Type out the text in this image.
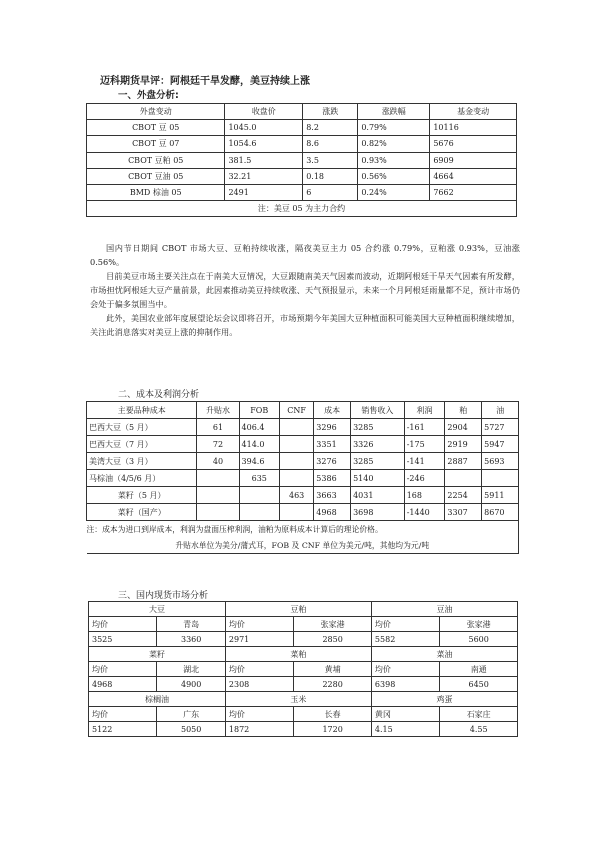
迈科期货早评：阿根廷干旱发酵，美豆持续上涨
一、外盘分析:
外盘变动	收盘价	涨跌	涨跌幅	基金变动
CBOT 豆 05	1045.0	8.2	0.79%	10116
CBOT 豆 07	1054.6	8.6	0.82%	5676
CBOT 豆粕 05	381.5	3.5	0.93%	6909
CBOT 豆油 05	32.21	0.18	0.56%	4664
BMD 棕油 05	2491	6	0.24%	7662
注：美豆 05 为主力合约				

国内节日期间 CBOT 市场大豆、豆粕持续收涨，隔夜美豆主力 05 合约涨 0.79%，豆粕涨 0.93%，豆油涨 0.56%。

目前美豆市场主要关注点在于南美大豆情况，大豆跟随南美天气因素而波动，近期阿根廷干旱天气因素有所发酵，市场担忧阿根廷大豆产量前景，此因素推动美豆持续收涨、天气预报显示，未来一个月阿根廷雨量都不足，预计市场仍会处于偏多氛围当中。

此外，美国农业部年度展望论坛会议即将召开，市场预期今年美国大豆种植面积可能美国大豆种植面积继续增加，关注此消息落实对美豆上涨的抑制作用。

二、成本及利润分析
主要品种成本	升贴水	FOB	CNF	成本	销售收入	利润	粕	油
巴西大豆（5 月）	61	406.4		3296	3285	-161	2904	5727
巴西大豆（7 月）	72	414.0		3351	3326	-175	2919	5947
美湾大豆（3 月）	40	394.6		3276	3285	-141	2887	5693
马棕油（4/5/6 月）		635		5386	5140	-246		
菜籽（5 月）			463	3663	4031	168	2254	5911
菜籽（国产）				4968	3698	-1440	3307	8670
注：成本为进口到岸成本，利润为盘面压榨利润，油粕为原料成本计算后的理论价格。								
升贴水单位为美分/蒲式耳，FOB 及 CNF 单位为美元/吨，其他均为元/吨								
三、国内现货市场分析
大豆		豆粕		豆油	
均价	青岛	均价	张家港	均价	张家港
3525	3360	2971	2850	5582	5600
菜籽		菜粕		菜油	
均价	湖北	均价	黄埔	均价	南通
4968	4900	2308	2280	6398	6450
棕榈油		玉米		鸡蛋	
均价	广东	均价	长春	黄冈	石家庄
5122	5050	1872	1720	4.15	4.55
